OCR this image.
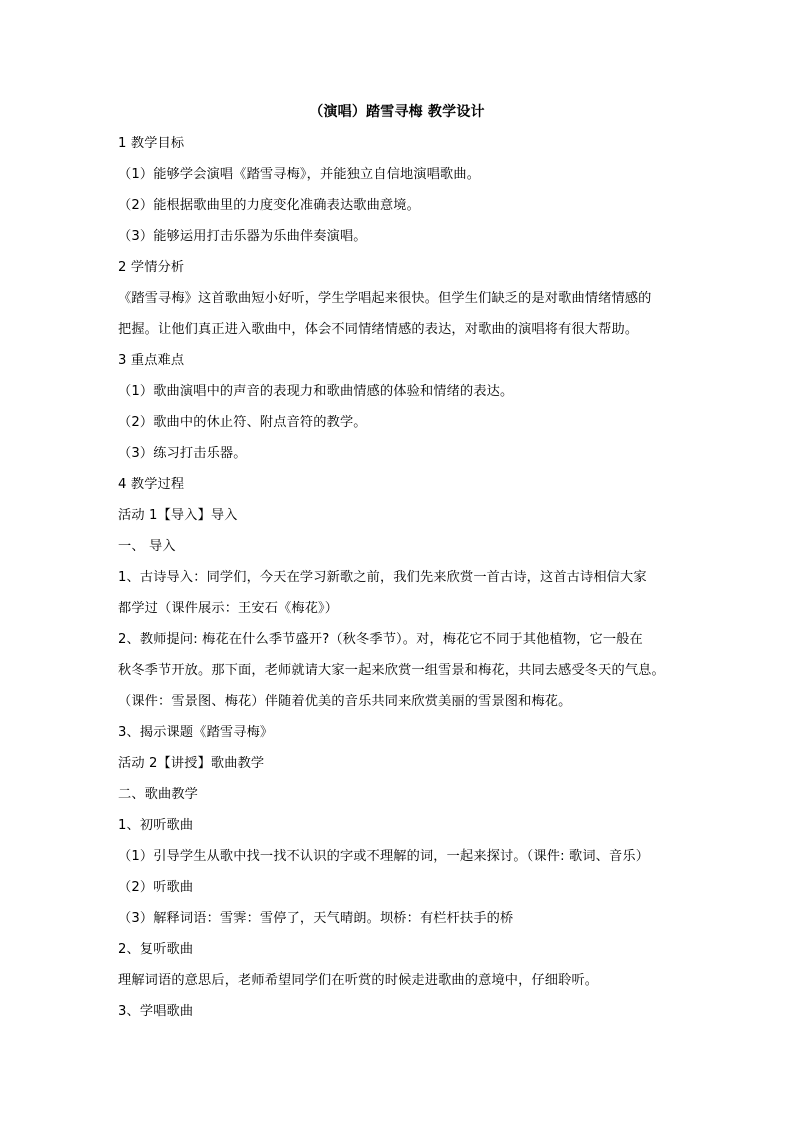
（演唱）踏雪寻梅 教学设计
1 教学目标
（1）能够学会演唱《踏雪寻梅》，并能独立自信地演唱歌曲。
（2）能根据歌曲里的力度变化准确表达歌曲意境。
（3）能够运用打击乐器为乐曲伴奏演唱。
2 学情分析
《踏雪寻梅》这首歌曲短小好听，学生学唱起来很快。但学生们缺乏的是对歌曲情绪情感的
把握。让他们真正进入歌曲中，体会不同情绪情感的表达，对歌曲的演唱将有很大帮助。
3 重点难点
（1）歌曲演唱中的声音的表现力和歌曲情感的体验和情绪的表达。
（2）歌曲中的休止符、附点音符的教学。
（3）练习打击乐器。
4 教学过程
活动 1【导入】导入
一、 导入
1、古诗导入：同学们，今天在学习新歌之前，我们先来欣赏一首古诗，这首古诗相信大家
都学过（课件展示：王安石《梅花》）
2、教师提问: 梅花在什么季节盛开?（秋冬季节）。对，梅花它不同于其他植物，它一般在
秋冬季节开放。那下面，老师就请大家一起来欣赏一组雪景和梅花，共同去感受冬天的气息。
（课件：雪景图、梅花）伴随着优美的音乐共同来欣赏美丽的雪景图和梅花。
3、揭示课题《踏雪寻梅》
活动 2【讲授】歌曲教学
二、歌曲教学
1、初听歌曲
（1）引导学生从歌中找一找不认识的字或不理解的词，一起来探讨。（课件: 歌词、音乐）
（2）听歌曲
（3）解释词语：雪霁：雪停了，天气晴朗。坝桥：有栏杆扶手的桥
2、复听歌曲
理解词语的意思后，老师希望同学们在听赏的时候走进歌曲的意境中，仔细聆听。
3、学唱歌曲
